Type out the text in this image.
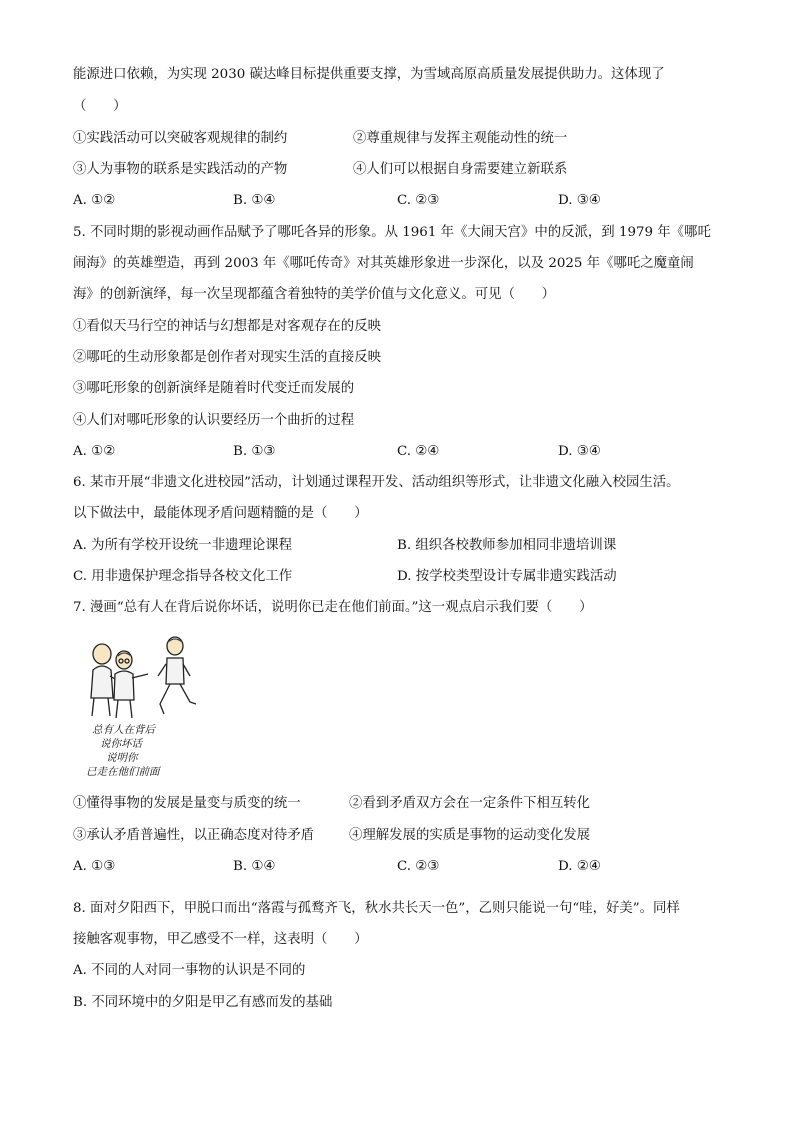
能源进口依赖，为实现 2030 碳达峰目标提供重要支撑，为雪域高原高质量发展提供助力。这体现了
（　　）
①实践活动可以突破客观规律的制约	②尊重规律与发挥主观能动性的统一
③人为事物的联系是实践活动的产物	④人们可以根据自身需要建立新联系
A. ①②	B. ①④	C. ②③	D. ③④
5. 不同时期的影视动画作品赋予了哪吒各异的形象。从 1961 年《大闹天宫》中的反派，到 1979 年《哪吒
闹海》的英雄塑造，再到 2003 年《哪吒传奇》对其英雄形象进一步深化，以及 2025 年《哪吒之魔童闹
海》的创新演绎，每一次呈现都蕴含着独特的美学价值与文化意义。可见（　　）
①看似天马行空的神话与幻想都是对客观存在的反映
②哪吒的生动形象都是创作者对现实生活的直接反映
③哪吒形象的创新演绎是随着时代变迁而发展的
④人们对哪吒形象的认识要经历一个曲折的过程
A. ①②	B. ①③	C. ②④	D. ③④
6. 某市开展“非遗文化进校园”活动，计划通过课程开发、活动组织等形式，让非遗文化融入校园生活。
以下做法中，最能体现矛盾问题精髓的是（　　）
A. 为所有学校开设统一非遗理论课程	B. 组织各校教师参加相同非遗培训课
C. 用非遗保护理念指导各校文化工作	D. 按学校类型设计专属非遗实践活动
7. 漫画“总有人在背后说你坏话，说明你已走在他们前面。”这一观点启示我们要（　　）
总有人在背后
说你坏话
说明你
已走在他们前面
①懂得事物的发展是量变与质变的统一	②看到矛盾双方会在一定条件下相互转化
③承认矛盾普遍性，以正确态度对待矛盾	④理解发展的实质是事物的运动变化发展
A. ①③	B. ①④	C. ②③	D. ②④
8. 面对夕阳西下，甲脱口而出“落霞与孤鹜齐飞，秋水共长天一色”，乙则只能说一句“哇，好美”。同样
接触客观事物，甲乙感受不一样，这表明（　　）
A. 不同的人对同一事物的认识是不同的
B. 不同环境中的夕阳是甲乙有感而发的基础
